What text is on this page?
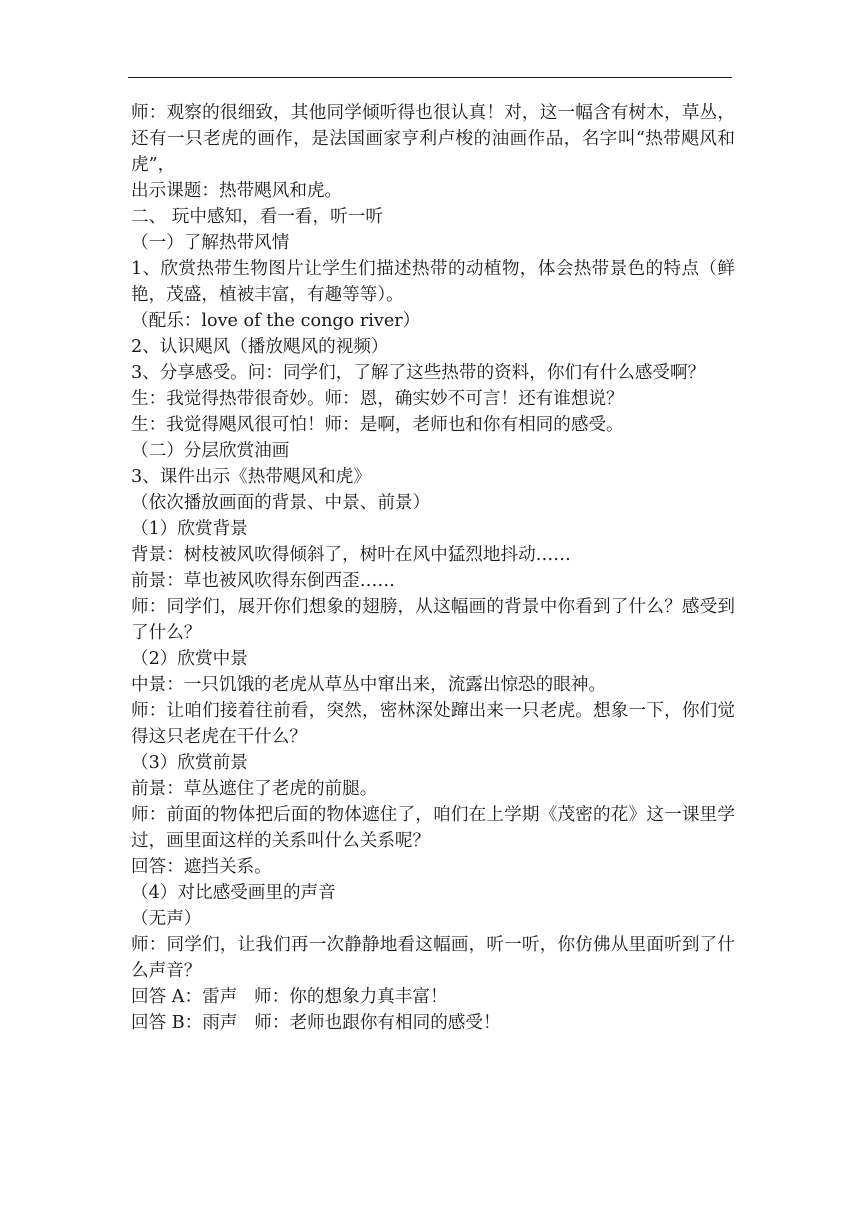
师：观察的很细致，其他同学倾听得也很认真！对，这一幅含有树木，草丛，还有一只老虎的画作，是法国画家亨利卢梭的油画作品，名字叫“热带飓风和虎”，

出示课题：热带飓风和虎。

二、 玩中感知，看一看，听一听

（一）了解热带风情

1、欣赏热带生物图片让学生们描述热带的动植物，体会热带景色的特点（鲜艳，茂盛，植被丰富，有趣等等）。

（配乐：love of the congo river）

2、认识飓风（播放飓风的视频）

3、分享感受。问：同学们，了解了这些热带的资料，你们有什么感受啊？

生：我觉得热带很奇妙。师：恩，确实妙不可言！还有谁想说？

生：我觉得飓风很可怕！师：是啊，老师也和你有相同的感受。

（二）分层欣赏油画

3、课件出示《热带飓风和虎》

（依次播放画面的背景、中景、前景）

（1）欣赏背景

背景：树枝被风吹得倾斜了，树叶在风中猛烈地抖动……

前景：草也被风吹得东倒西歪……

师：同学们，展开你们想象的翅膀，从这幅画的背景中你看到了什么？感受到了什么？

（2）欣赏中景

中景：一只饥饿的老虎从草丛中窜出来，流露出惊恐的眼神。

师：让咱们接着往前看，突然，密林深处蹿出来一只老虎。想象一下，你们觉得这只老虎在干什么？

（3）欣赏前景

前景：草丛遮住了老虎的前腿。

师：前面的物体把后面的物体遮住了，咱们在上学期《茂密的花》这一课里学过，画里面这样的关系叫什么关系呢？

回答：遮挡关系。

（4）对比感受画里的声音

（无声）

师：同学们，让我们再一次静静地看这幅画，听一听，你仿佛从里面听到了什么声音？

回答 A：雷声   师：你的想象力真丰富！

回答 B：雨声   师：老师也跟你有相同的感受！
